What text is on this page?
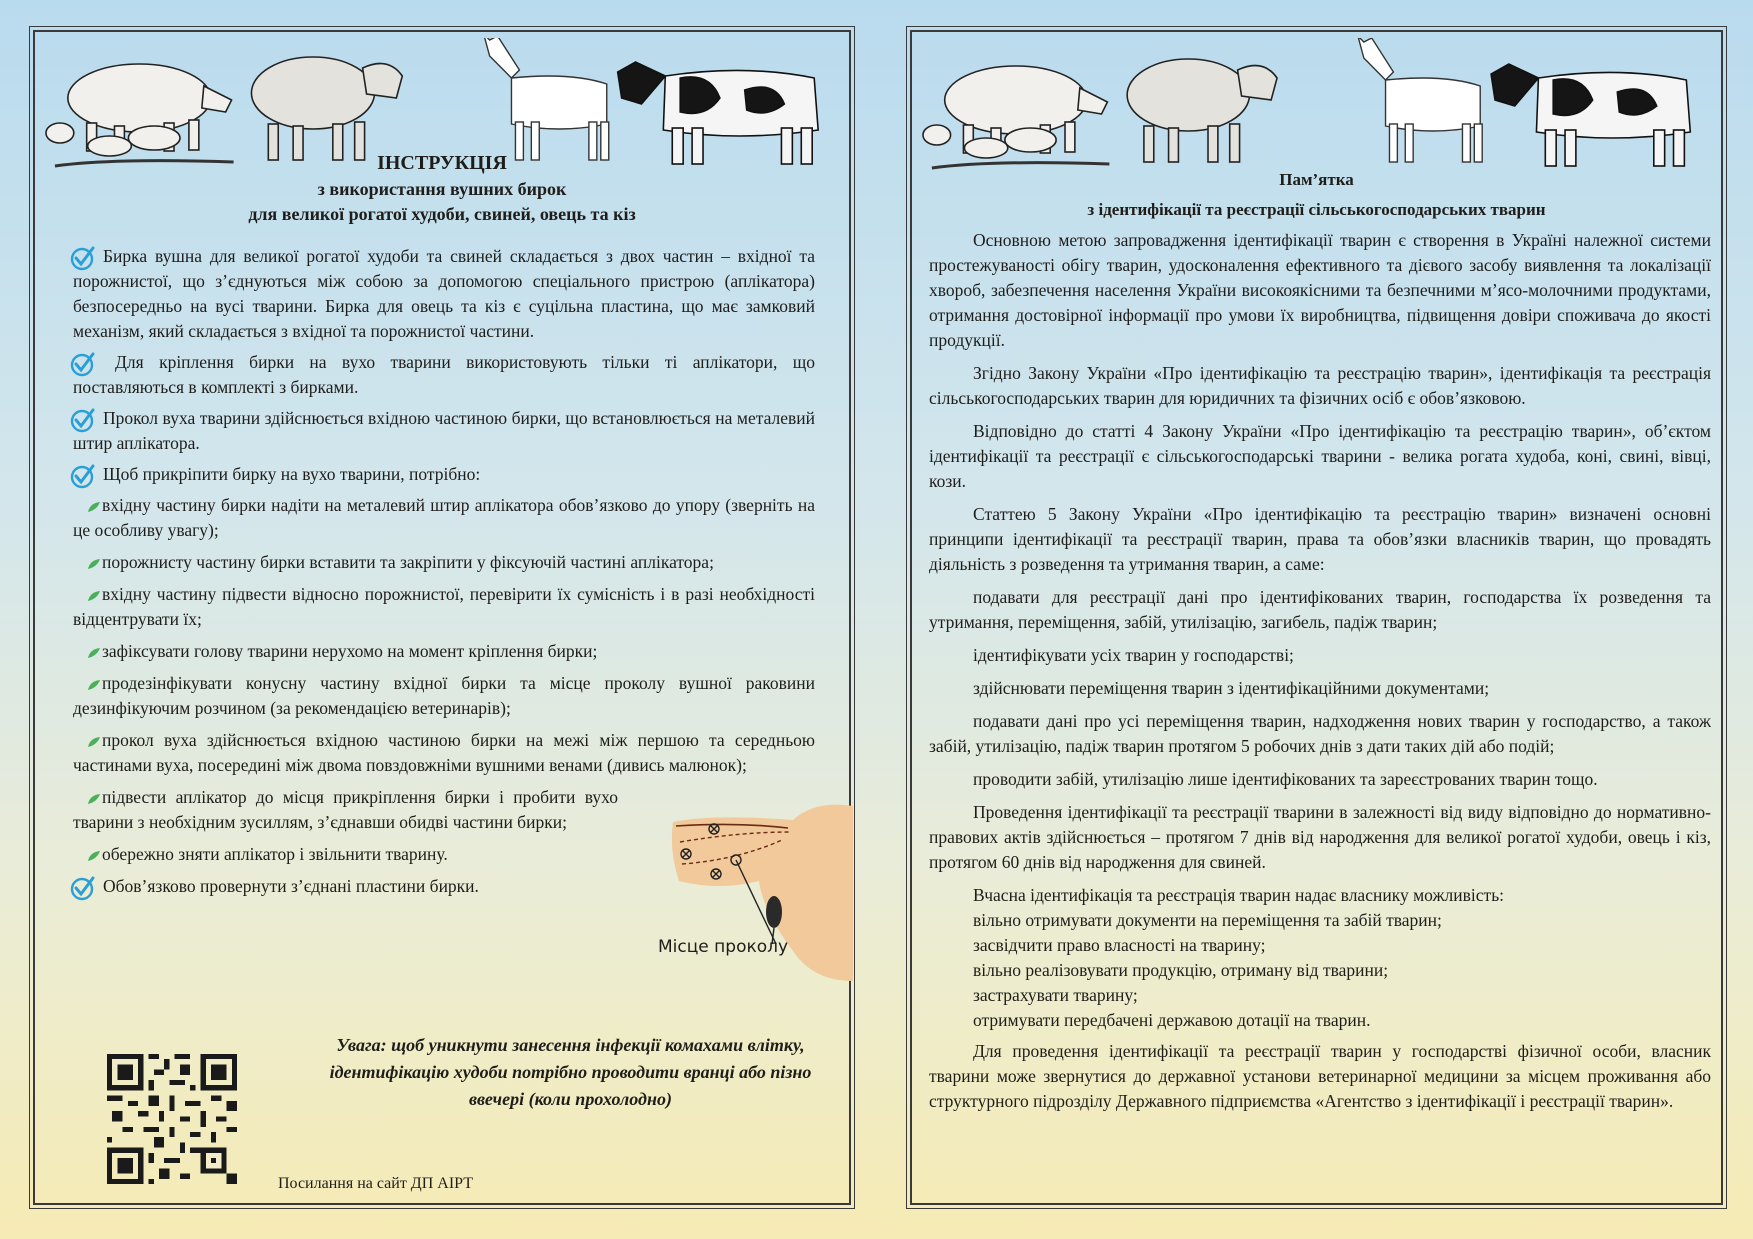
ІНСТРУКЦІЯ
з використання вушних бирок
для великої рогатої худоби, свиней, овець та кіз
Бирка вушна для великої рогатої худоби та свиней складається з двох частин – вхідної та порожнистої, що з’єднуються між собою за допомогою спеціального пристрою (аплікатора) безпосередньо на вусі тварини. Бирка для овець та кіз є суцільна пластина, що має замковий механізм, який складається з вхідної та порожнистої частини.
Для кріплення бирки на вухо тварини використовують тільки ті аплікатори, що поставляються в комплекті з бирками.
Прокол вуха тварини здійснюється вхідною частиною бирки, що встановлюється на металевий штир аплікатора.
Щоб прикріпити бирку на вухо тварини, потрібно:
вхідну частину бирки надіти на металевий штир аплікатора обов’язково до упору (зверніть на це особливу увагу);
порожнисту частину бирки вставити та закріпити у фіксуючій частині аплікатора;
вхідну частину підвести відносно порожнистої, перевірити їх сумісність і в разі необхідності відцентрувати їх;
зафіксувати голову тварини нерухомо на момент кріплення бирки;
продезінфікувати конусну частину вхідної бирки та місце проколу вушної раковини дезинфікуючим розчином (за рекомендацією ветеринарів);
прокол вуха здійснюється вхідною частиною бирки на межі між першою та середньою частинами вуха, посередині між двома повздовжніми вушними венами (дивись малюнок);
підвести аплікатор до місця прикріплення бирки і пробити вухо тварини з необхідним зусиллям, з’єднавши обидві частини бирки;
обережно зняти аплікатор і звільнити тварину.
Обов’язково провернути з’єднані пластини бирки.
Місце проколу
Увага: щоб уникнути занесення інфекції комахами влітку, ідентифікацію худоби потрібно проводити вранці або пізно ввечері (коли прохолодно)
Посилання на сайт ДП АІРТ
Пам’ятка
з ідентифікації та реєстрації сільськогосподарських тварин

Основною метою запровадження ідентифікації тварин є створення в Україні належної системи простежуваності обігу тварин, удосконалення ефективного та дієвого засобу виявлення та локалізації хвороб, забезпечення населення України високоякісними та безпечними м’ясо-молочними продуктами, отримання достовірної інформації про умови їх виробництва, підвищення довіри споживача до якості продукції.

Згідно Закону України «Про ідентифікацію та реєстрацію тварин», ідентифікація та реєстрація сільськогосподарських тварин для юридичних та фізичних осіб є обов’язковою.

Відповідно до статті 4 Закону України «Про ідентифікацію та реєстрацію тварин», об’єктом ідентифікації та реєстрації є сільськогосподарські тварини - велика рогата худоба, коні, свині, вівці, кози.

Статтею 5 Закону України «Про ідентифікацію та реєстрацію тварин» визначені основні принципи ідентифікації та реєстрації тварин, права та обов’язки власників тварин, що провадять діяльність з розведення та утримання тварин, а саме:

подавати для реєстрації дані про ідентифікованих тварин, господарства їх розведення та утримання, переміщення, забій, утилізацію, загибель, падіж тварин;

ідентифікувати усіх тварин у господарстві;

здійснювати переміщення тварин з ідентифікаційними документами;

подавати дані про усі переміщення тварин, надходження нових тварин у господарство, а також забій, утилізацію, падіж тварин протягом 5 робочих днів з дати таких дій або подій;

проводити забій, утилізацію лише ідентифікованих та зареєстрованих тварин тощо.

Проведення ідентифікації та реєстрації тварини в залежності від виду відповідно до нормативно-правових актів здійснюється – протягом 7 днів від народження для великої рогатої худоби, овець і кіз, протягом 60 днів від народження для свиней.

Вчасна ідентифікація та реєстрація тварин надає власнику можливість:

вільно отримувати документи на переміщення та забій тварин;
засвідчити право власності на тварину;
вільно реалізовувати продукцію, отриману від тварини;
застрахувати тварину;
отримувати передбачені державою дотації на тварин.

Для проведення ідентифікації та реєстрації тварин у господарстві фізичної особи, власник тварини може звернутися до державної установи ветеринарної медицини за місцем проживання або структурного підрозділу Державного підприємства «Агентство з ідентифікації і реєстрації тварин».
